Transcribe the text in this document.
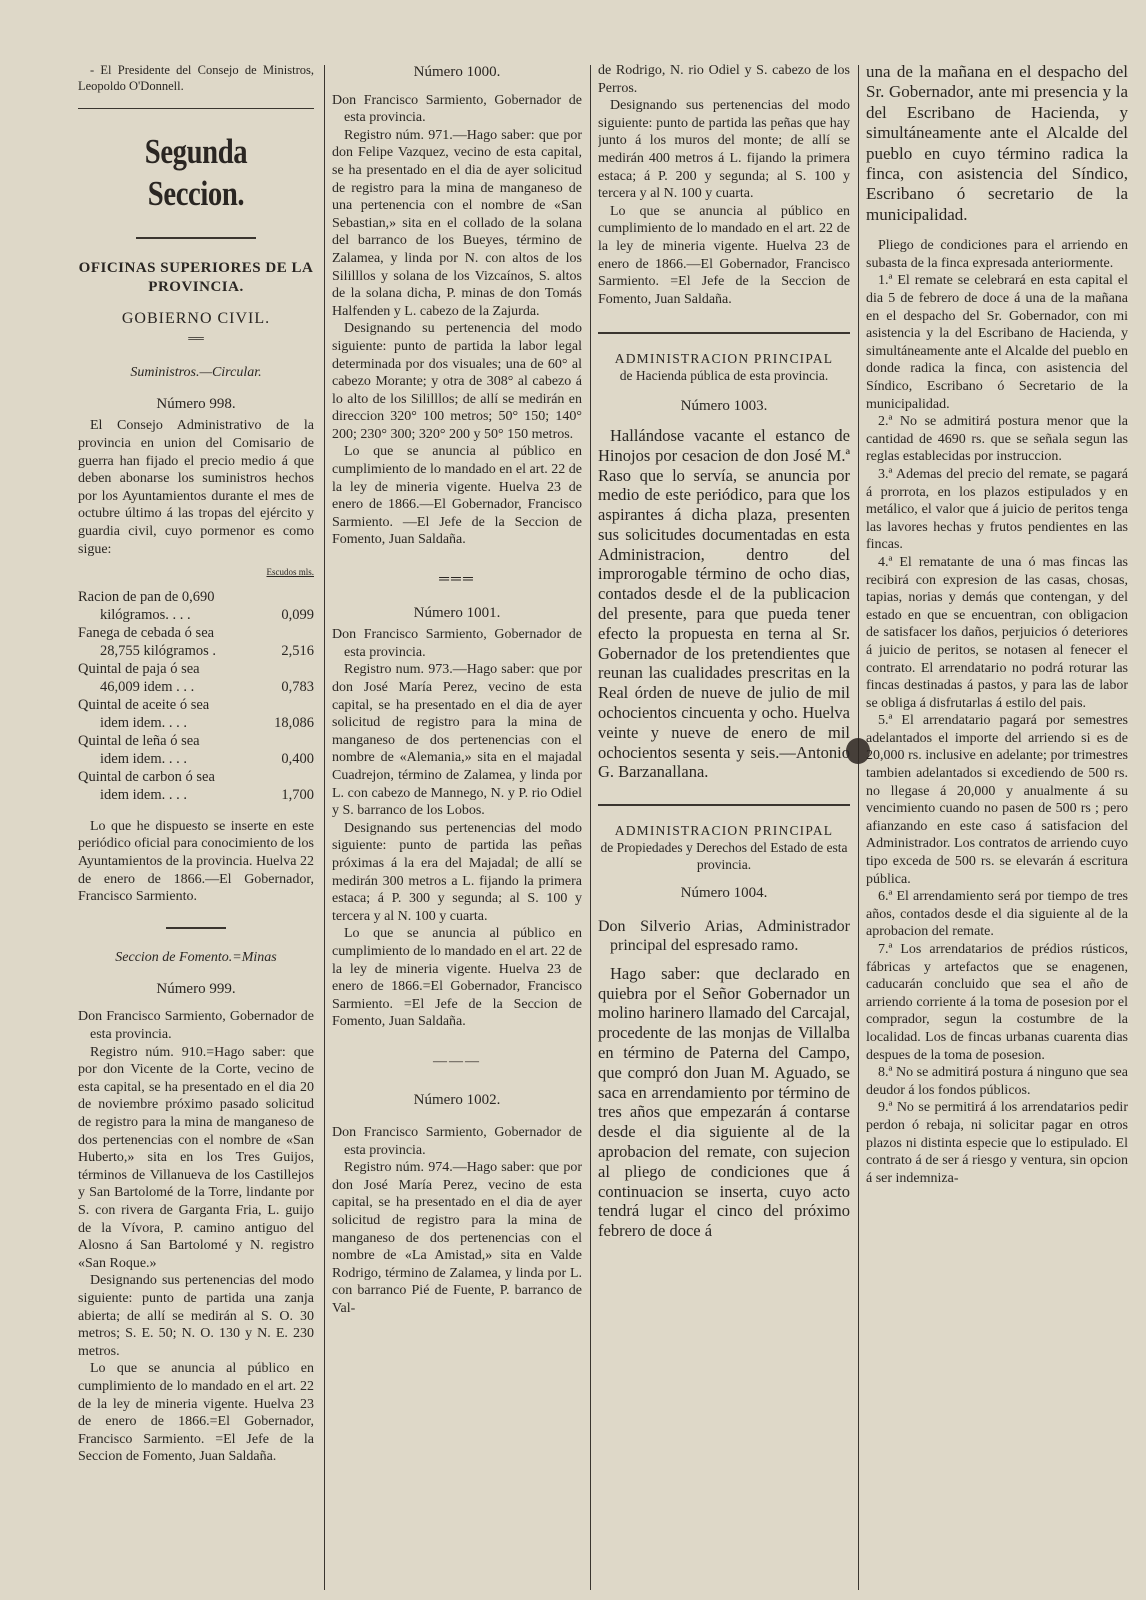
- El Presidente del Consejo de Ministros, Leopoldo O'Donnell.

Segunda Seccion.
OFICINAS SUPERIORES DE LA PROVINCIA.
GOBIERNO CIVIL.
══
Suministros.—Circular.
Número 998.

El Consejo Administrativo de la provincia en union del Comisario de guerra han fijado el precio medio á que deben abonarse los suministros hechos por los Ayuntamientos durante el mes de octubre último á las tropas del ejército y guardia civil, cuyo pormenor es como sigue:

Escudos mls.
Racion de pan de 0,690
kilógramos. . . .	0,099
Fanega de cebada ó sea
28,755 kilógramos .	2,516
Quintal de paja ó sea
46,009 idem . . .	0,783
Quintal de aceite ó sea
idem idem. . . .	18,086
Quintal de leña ó sea
idem idem. . . .	0,400
Quintal de carbon ó sea
idem idem. . . .	1,700

Lo que he dispuesto se inserte en este periódico oficial para conocimiento de los Ayuntamientos de la provincia. Huelva 22 de enero de 1866.—El Gobernador, Francisco Sarmiento.

Seccion de Fomento.=Minas
Número 999.

Don Francisco Sarmiento, Gobernador de esta provincia.

Registro núm. 910.=Hago saber: que por don Vicente de la Corte, vecino de esta capital, se ha presentado en el dia 20 de noviembre próximo pasado solicitud de registro para la mina de manganeso de dos pertenencias con el nombre de «San Huberto,» sita en los Tres Guijos, términos de Villanueva de los Castillejos y San Bartolomé de la Torre, lindante por S. con rivera de Garganta Fria, L. guijo de la Vívora, P. camino antiguo del Alosno á San Bartolomé y N. registro «San Roque.»

Designando sus pertenencias del modo siguiente: punto de partida una zanja abierta; de allí se medirán al S. O. 30 metros; S. E. 50; N. O. 130 y N. E. 230 metros.

Lo que se anuncia al público en cumplimiento de lo mandado en el art. 22 de la ley de mineria vigente. Huelva 23 de enero de 1866.=El Gobernador, Francisco Sarmiento. =El Jefe de la Seccion de Fomento, Juan Saldaña.

Número 1000.

Don Francisco Sarmiento, Gobernador de esta provincia.

Registro núm. 971.—Hago saber: que por don Felipe Vazquez, vecino de esta capital, se ha presentado en el dia de ayer solicitud de registro para la mina de manganeso de una pertenencia con el nombre de «San Sebastian,» sita en el collado de la solana del barranco de los Bueyes, término de Zalamea, y linda por N. con altos de los Sililllos y solana de los Vizcaínos, S. altos de la solana dicha, P. minas de don Tomás Halfenden y L. cabezo de la Zajurda.

Designando su pertenencia del modo siguiente: punto de partida la labor legal determinada por dos visuales; una de 60° al cabezo Morante; y otra de 308° al cabezo á lo alto de los Sililllos; de allí se medirán en direccion 320° 100 metros; 50° 150; 140° 200; 230° 300; 320° 200 y 50° 150 metros.

Lo que se anuncia al público en cumplimiento de lo mandado en el art. 22 de la ley de mineria vigente. Huelva 23 de enero de 1866.—El Gobernador, Francisco Sarmiento. —El Jefe de la Seccion de Fomento, Juan Saldaña.

═══
Número 1001.

Don Francisco Sarmiento, Gobernador de esta provincia.

Registro num. 973.—Hago saber: que por don José María Perez, vecino de esta capital, se ha presentado en el dia de ayer solicitud de registro para la mina de manganeso de dos pertenencias con el nombre de «Alemania,» sita en el majadal Cuadrejon, término de Zalamea, y linda por L. con cabezo de Mannego, N. y P. rio Odiel y S. barranco de los Lobos.

Designando sus pertenencias del modo siguiente: punto de partida las peñas próximas á la era del Majadal; de allí se medirán 300 metros a L. fijando la primera estaca; á P. 300 y segunda; al S. 100 y tercera y al N. 100 y cuarta.

Lo que se anuncia al público en cumplimiento de lo mandado en el art. 22 de la ley de mineria vigente. Huelva 23 de enero de 1866.=El Gobernador, Francisco Sarmiento. =El Jefe de la Seccion de Fomento, Juan Saldaña.

———
Número 1002.

Don Francisco Sarmiento, Gobernador de esta provincia.

Registro núm. 974.—Hago saber: que por don José María Perez, vecino de esta capital, se ha presentado en el dia de ayer solicitud de registro para la mina de manganeso de dos pertenencias con el nombre de «La Amistad,» sita en Valde Rodrigo, término de Zalamea, y linda por L. con barranco Pié de Fuente, P. barranco de Val-

de Rodrigo, N. rio Odiel y S. cabezo de los Perros.

Designando sus pertenencias del modo siguiente: punto de partida las peñas que hay junto á los muros del monte; de allí se medirán 400 metros á L. fijando la primera estaca; á P. 200 y segunda; al S. 100 y tercera y al N. 100 y cuarta.

Lo que se anuncia al público en cumplimiento de lo mandado en el art. 22 de la ley de mineria vigente. Huelva 23 de enero de 1866.—El Gobernador, Francisco Sarmiento. =El Jefe de la Seccion de Fomento, Juan Saldaña.

ADMINISTRACION PRINCIPAL
de Hacienda pública de esta provincia.
Número 1003.

Hallándose vacante el estanco de Hinojos por cesacion de don José M.ª Raso que lo servía, se anuncia por medio de este periódico, para que los aspirantes á dicha plaza, presenten sus solicitudes documentadas en esta Administracion, dentro del improrogable término de ocho dias, contados desde el de la publicacion del presente, para que pueda tener efecto la propuesta en terna al Sr. Gobernador de los pretendientes que reunan las cualidades prescritas en la Real órden de nueve de julio de mil ochocientos cincuenta y ocho. Huelva veinte y nueve de enero de mil ochocientos sesenta y seis.—Antonio G. Barzanallana.

ADMINISTRACION PRINCIPAL
de Propiedades y Derechos del Estado de esta provincia.
Número 1004.

Don Silverio Arias, Administrador principal del espresado ramo.

Hago saber: que declarado en quiebra por el Señor Gobernador un molino harinero llamado del Carcajal, procedente de las monjas de Villalba en término de Paterna del Campo, que compró don Juan M. Aguado, se saca en arrendamiento por término de tres años que empezarán á contarse desde el dia siguiente al de la aprobacion del remate, con sujecion al pliego de condiciones que á continuacion se inserta, cuyo acto tendrá lugar el cinco del próximo febrero de doce á

una de la mañana en el despacho del Sr. Gobernador, ante mi presencia y la del Escribano de Hacienda, y simultáneamente ante el Alcalde del pueblo en cuyo término radica la finca, con asistencia del Síndico, Escribano ó secretario de la municipalidad.

Pliego de condiciones para el arriendo en subasta de la finca expresada anteriormente.

1.ª El remate se celebrará en esta capital el dia 5 de febrero de doce á una de la mañana en el despacho del Sr. Gobernador, con mi asistencia y la del Escribano de Hacienda, y simultáneamente ante el Alcalde del pueblo en donde radica la finca, con asistencia del Síndico, Escribano ó Secretario de la municipalidad.

2.ª No se admitirá postura menor que la cantidad de 4690 rs. que se señala segun las reglas establecidas por instruccion.

3.ª Ademas del precio del remate, se pagará á prorrota, en los plazos estipulados y en metálico, el valor que á juicio de peritos tenga las lavores hechas y frutos pendientes en las fincas.

4.ª El rematante de una ó mas fincas las recibirá con expresion de las casas, chosas, tapias, norias y demás que contengan, y del estado en que se encuentran, con obligacion de satisfacer los daños, perjuicios ó deteriores á juicio de peritos, se notasen al fenecer el contrato. El arrendatario no podrá roturar las fincas destinadas á pastos, y para las de labor se obliga á disfrutarlas á estilo del pais.

5.ª El arrendatario pagará por semestres adelantados el importe del arriendo si es de 20,000 rs. inclusive en adelante; por trimestres tambien adelantados si excediendo de 500 rs. no llegase á 20,000 y anualmente á su vencimiento cuando no pasen de 500 rs ; pero afianzando en este caso á satisfacion del Administrador. Los contratos de arriendo cuyo tipo exceda de 500 rs. se elevarán á escritura pública.

6.ª El arrendamiento será por tiempo de tres años, contados desde el dia siguiente al de la aprobacion del remate.

7.ª Los arrendatarios de prédios rústicos, fábricas y artefactos que se enagenen, caducarán concluido que sea el año de arriendo corriente á la toma de posesion por el comprador, segun la costumbre de la localidad. Los de fincas urbanas cuarenta dias despues de la toma de posesion.

8.ª No se admitirá postura á ninguno que sea deudor á los fondos públicos.

9.ª No se permitirá á los arrendatarios pedir perdon ó rebaja, ni solicitar pagar en otros plazos ni distinta especie que lo estipulado. El contrato á de ser á riesgo y ventura, sin opcion á ser indemniza-
